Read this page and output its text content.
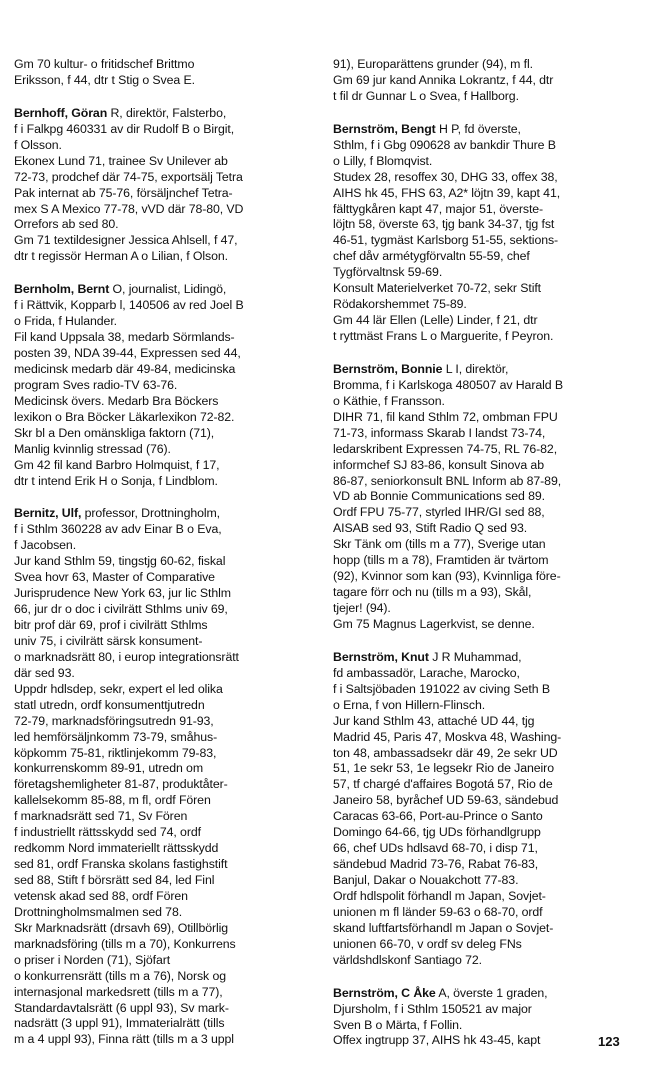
Gm 70 kultur- o fritidschef Brittmo
Eriksson, f 44, dtr t Stig o Svea E.
Bernhoff, Göran R, direktör, Falsterbo,
f i Falkpg 460331 av dir Rudolf B o Birgit,
f Olsson.
Ekonex Lund 71, trainee Sv Unilever ab
72-73, prodchef där 74-75, exportsälj Tetra
Pak internat ab 75-76, försäljnchef Tetra-
mex S A Mexico 77-78, vVD där 78-80, VD
Orrefors ab sed 80.
Gm 71 textildesigner Jessica Ahlsell, f 47,
dtr t regissör Herman A o Lilian, f Olson.
Bernholm, Bernt O, journalist, Lidingö,
f i Rättvik, Kopparb l, 140506 av red Joel B
o Frida, f Hulander.
Fil kand Uppsala 38, medarb Sörmlands-
posten 39, NDA 39-44, Expressen sed 44,
medicinsk medarb där 49-84, medicinska
program Sves radio-TV 63-76.
Medicinsk övers. Medarb Bra Böckers
lexikon o Bra Böcker Läkarlexikon 72-82.
Skr bl a Den omänskliga faktorn (71),
Manlig kvinnlig stressad (76).
Gm 42 fil kand Barbro Holmquist, f 17,
dtr t intend Erik H o Sonja, f Lindblom.
Bernitz, Ulf, professor, Drottningholm,
f i Sthlm 360228 av adv Einar B o Eva,
f Jacobsen.
Jur kand Sthlm 59, tingstjg 60-62, fiskal
Svea hovr 63, Master of Comparative
Jurisprudence New York 63, jur lic Sthlm
66, jur dr o doc i civilrätt Sthlms univ 69,
bitr prof där 69, prof i civilrätt Sthlms
univ 75, i civilrätt särsk konsument-
o marknadsrätt 80, i europ integrationsrätt
där sed 93.
Uppdr hdlsdep, sekr, expert el led olika
statl utredn, ordf konsumenttjutredn
72-79, marknadsföringsutredn 91-93,
led hemförsäljnkomm 73-79, småhus-
köpkomm 75-81, riktlinjekomm 79-83,
konkurrenskomm 89-91, utredn om
företagshemligheter 81-87, produktåter-
kallelsekomm 85-88, m fl, ordf Fören
f marknadsrätt sed 71, Sv Fören
f industriellt rättsskydd sed 74, ordf
redkomm Nord immateriellt rättsskydd
sed 81, ordf Franska skolans fastighstift
sed 88, Stift f börsrätt sed 84, led Finl
vetensk akad sed 88, ordf Fören
Drottningholmsmalmen sed 78.
Skr Marknadsrätt (drsavh 69), Otillbörlig
marknadsföring (tills m a 70), Konkurrens
o priser i Norden (71), Sjöfart
o konkurrensrätt (tills m a 76), Norsk og
internasjonal markedsrett (tills m a 77),
Standardavtalsrätt (6 uppl 93), Sv mark-
nadsrätt (3 uppl 91), Immaterialrätt (tills
m a 4 uppl 93), Finna rätt (tills m a 3 uppl
91), Europarättens grunder (94), m fl.
Gm 69 jur kand Annika Lokrantz, f 44, dtr
t fil dr Gunnar L o Svea, f Hallborg.
Bernström, Bengt H P, fd överste,
Sthlm, f i Gbg 090628 av bankdir Thure B
o Lilly, f Blomqvist.
Studex 28, resoffex 30, DHG 33, offex 38,
AIHS hk 45, FHS 63, A2* löjtn 39, kapt 41,
fälttygkåren kapt 47, major 51, överste-
löjtn 58, överste 63, tjg bank 34-37, tjg fst
46-51, tygmäst Karlsborg 51-55, sektions-
chef dåv armétygförvaltn 55-59, chef
Tygförvaltnsk 59-69.
Konsult Materielverket 70-72, sekr Stift
Rödakorshemmet 75-89.
Gm 44 lär Ellen (Lelle) Linder, f 21, dtr
t ryttmäst Frans L o Marguerite, f Peyron.
Bernström, Bonnie L I, direktör,
Bromma, f i Karlskoga 480507 av Harald B
o Käthie, f Fransson.
DIHR 71, fil kand Sthlm 72, ombman FPU
71-73, informass Skarab I landst 73-74,
ledarskribent Expressen 74-75, RL 76-82,
informchef SJ 83-86, konsult Sinova ab
86-87, seniorkonsult BNL Inform ab 87-89,
VD ab Bonnie Communications sed 89.
Ordf FPU 75-77, styrled IHR/GI sed 88,
AISAB sed 93, Stift Radio Q sed 93.
Skr Tänk om (tills m a 77), Sverige utan
hopp (tills m a 78), Framtiden är tvärtom
(92), Kvinnor som kan (93), Kvinnliga före-
tagare förr och nu (tills m a 93), Skål,
tjejer! (94).
Gm 75 Magnus Lagerkvist, se denne.
Bernström, Knut J R Muhammad,
fd ambassadör, Larache, Marocko,
f i Saltsjöbaden 191022 av civing Seth B
o Erna, f von Hillern-Flinsch.
Jur kand Sthlm 43, attaché UD 44, tjg
Madrid 45, Paris 47, Moskva 48, Washing-
ton 48, ambassadsekr där 49, 2e sekr UD
51, 1e sekr 53, 1e legsekr Rio de Janeiro
57, tf chargé d'affaires Bogotá 57, Rio de
Janeiro 58, byråchef UD 59-63, sändebud
Caracas 63-66, Port-au-Prince o Santo
Domingo 64-66, tjg UDs förhandlgrupp
66, chef UDs hdlsavd 68-70, i disp 71,
sändebud Madrid 73-76, Rabat 76-83,
Banjul, Dakar o Nouakchott 77-83.
Ordf hdlspolit förhandl m Japan, Sovjet-
unionen m fl länder 59-63 o 68-70, ordf
skand luftfartsförhandl m Japan o Sovjet-
unionen 66-70, v ordf sv deleg FNs
världshdlskonf Santiago 72.
Bernström, C Åke A, överste 1 graden,
Djursholm, f i Sthlm 150521 av major
Sven B o Märta, f Follin.
Offex ingtrupp 37, AIHS hk 43-45, kapt	123
